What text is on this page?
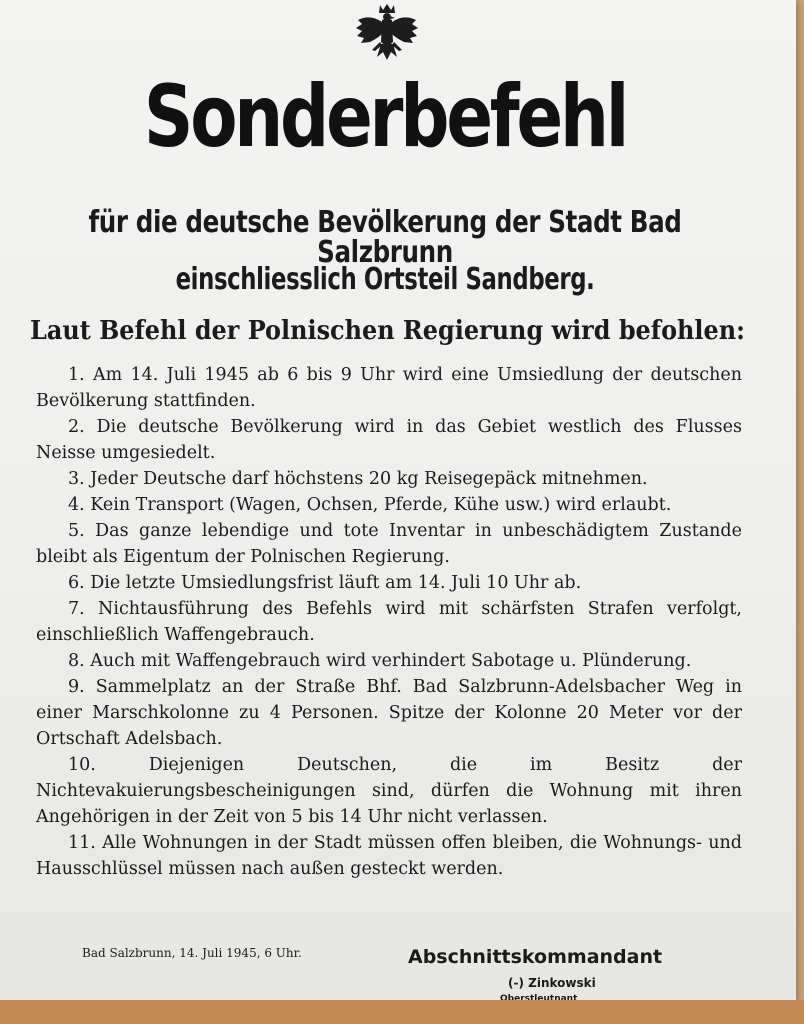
Sonderbefehl
für die deutsche Bevölkerung der Stadt Bad Salzbrunn
einschliesslich Ortsteil Sandberg.
Laut Befehl der Polnischen Regierung wird befohlen:
1. Am 14. Juli 1945 ab 6 bis 9 Uhr wird eine Umsiedlung der deutschen Bevölkerung stattfinden.
2. Die deutsche Bevölkerung wird in das Gebiet westlich des Flusses Neisse umgesiedelt.
3. Jeder Deutsche darf höchstens 20 kg Reisegepäck mitnehmen.
4. Kein Transport (Wagen, Ochsen, Pferde, Kühe usw.) wird erlaubt.
5. Das ganze lebendige und tote Inventar in unbeschädigtem Zustande bleibt als Eigentum der Polnischen Regierung.
6. Die letzte Umsiedlungsfrist läuft am 14. Juli 10 Uhr ab.
7. Nichtausführung des Befehls wird mit schärfsten Strafen verfolgt, einschließlich Waffengebrauch.
8. Auch mit Waffengebrauch wird verhindert Sabotage u. Plünderung.
9. Sammelplatz an der Straße Bhf. Bad Salzbrunn-Adelsbacher Weg in einer Marschkolonne zu 4 Personen. Spitze der Kolonne 20 Meter vor der Ortschaft Adelsbach.
10. Diejenigen Deutschen, die im Besitz der Nichtevakuierungsbescheinigungen sind, dürfen die Wohnung mit ihren Angehörigen in der Zeit von 5 bis 14 Uhr nicht verlassen.
11. Alle Wohnungen in der Stadt müssen offen bleiben, die Wohnungs- und Hausschlüssel müssen nach außen gesteckt werden.
Bad Salzbrunn, 14. Juli 1945, 6 Uhr.	Abschnittskommandant
(-) Zinkowski
Oberstleutnant
